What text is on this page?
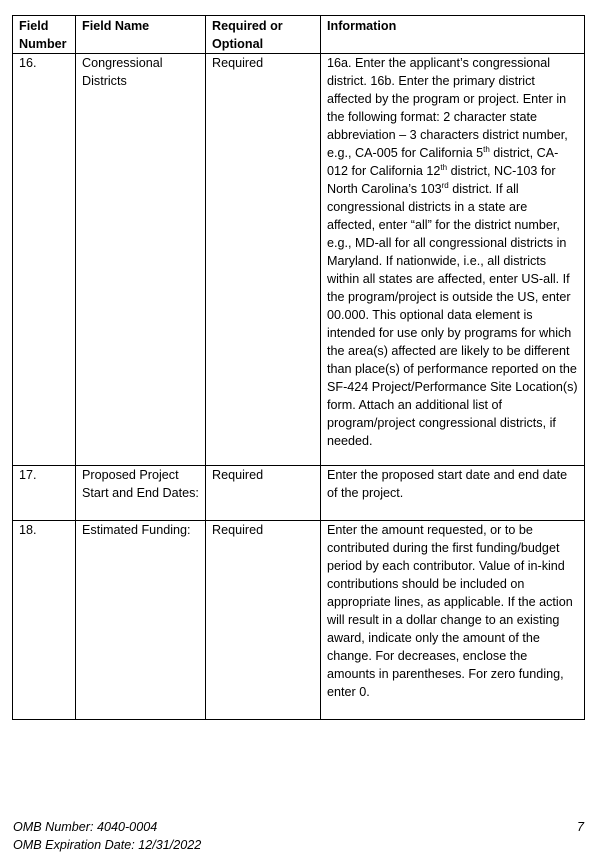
Field Number	Field Name	Required or Optional	Information
16.	Congressional Districts	Required	16a. Enter the applicant’s congressional district. 16b. Enter the primary district affected by the program or project. Enter in the following format: 2 character state abbreviation – 3 characters district number, e.g., CA-005 for California 5th district, CA-012 for California 12th district, NC-103 for North Carolina’s 103rd district. If all congressional districts in a state are affected, enter “all” for the district number, e.g., MD-all for all congressional districts in Maryland. If nationwide, i.e., all districts within all states are affected, enter US-all. If the program/project is outside the US, enter 00.000. This optional data element is intended for use only by programs for which the area(s) affected are likely to be different than place(s) of performance reported on the SF-424 Project/Performance Site Location(s) form. Attach an additional list of program/project congressional districts, if needed.
17.	Proposed Project Start and End Dates:	Required	Enter the proposed start date and end date of the project.
18.	Estimated Funding:	Required	Enter the amount requested, or to be contributed during the first funding/budget period by each contributor. Value of in-kind contributions should be included on appropriate lines, as applicable. If the action will result in a dollar change to an existing award, indicate only the amount of the change. For decreases, enclose the amounts in parentheses. For zero funding, enter 0.
OMB Number: 4040-0004
OMB Expiration Date: 12/31/2022
7
